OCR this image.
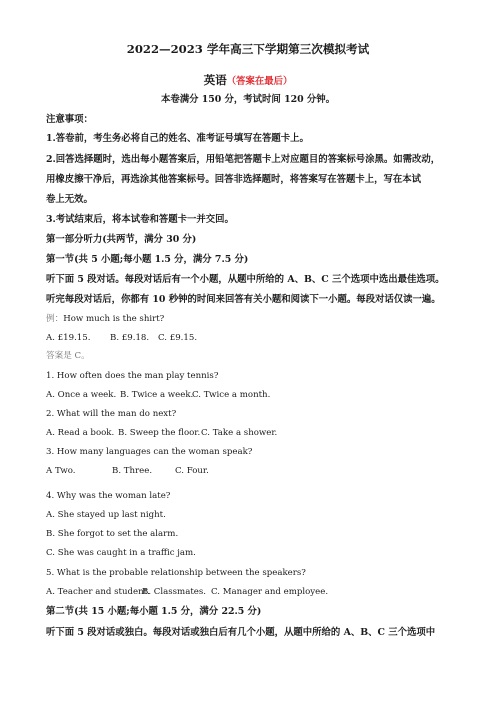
2022—2023 学年高三下学期第三次模拟考试
英语（答案在最后）
本卷满分 150 分，考试时间 120 分钟。
注意事项：
1.答卷前，考生务必将自己的姓名、准考证号填写在答题卡上。
2.回答选择题时，选出每小题答案后，用铅笔把答题卡上对应题目的答案标号涂黑。如需改动，
用橡皮擦干净后，再选涂其他答案标号。回答非选择题时，将答案写在答题卡上，写在本试
卷上无效。
3.考试结束后，将本试卷和答题卡一并交回。
第一部分听力(共两节，满分 30 分)
第一节(共 5 小题;每小题 1.5 分，满分 7.5 分)
听下面 5 段对话。每段对话后有一个小题，从题中所给的 A、B、C 三个选项中选出最佳选项。
听完每段对话后，你都有 10 秒钟的时间来回答有关小题和阅读下一小题。每段对话仅读一遍。
例：How much is the shirt?
A. £19.15. B. £9.18. C. £9.15.
答案是 C。
1. How often does the man play tennis?
A. Once a week. B. Twice a week.
C. Twice a month.
2. What will the man do next?
A. Read a book. B. Sweep the floor. C. Take a shower.
3. How many languages can the woman speak?
A Two.	B. Three.	C. Four.
4. Why was the woman late?
A. She stayed up last night.
B. She forgot to set the alarm.
C. She was caught in a traffic jam.
5. What is the probable relationship between the speakers?
A. Teacher and student.
B. Classmates. C. Manager and employee.
第二节(共 15 小题;每小题 1.5 分，满分 22.5 分)
听下面 5 段对话或独白。每段对话或独白后有几个小题，从题中所给的 A、B、C 三个选项中
